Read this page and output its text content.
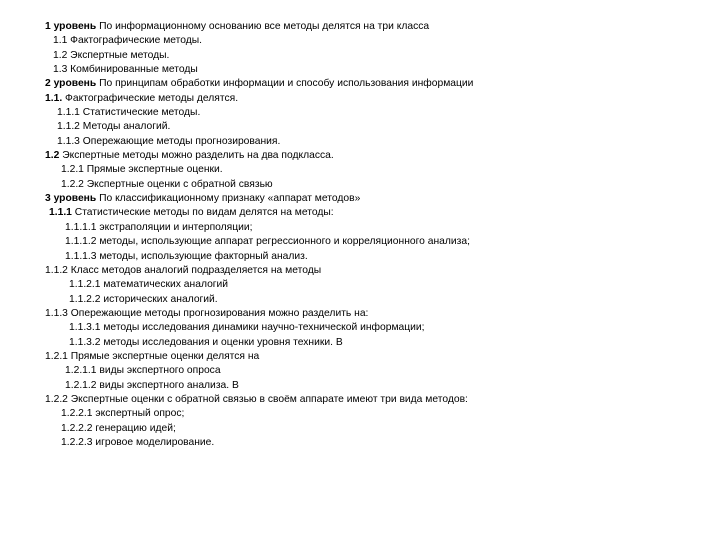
1 уровень По информационному основанию все методы делятся на три класса
1.1 Фактографические методы.
1.2 Экспертные методы.
1.3 Комбинированные методы
2 уровень По принципам обработки информации и способу использования информации
1.1. Фактографические методы делятся.
1.1.1 Статистические методы.
1.1.2 Методы аналогий.
1.1.3 Опережающие методы прогнозирования.
1.2 Экспертные методы можно разделить на два подкласса.
1.2.1 Прямые экспертные оценки.
1.2.2 Экспертные оценки с обратной связью
3 уровень По классификационному признаку «аппарат методов»
1.1.1 Статистические методы по видам делятся на методы:
1.1.1.1 экстраполяции и интерполяции;
1.1.1.2 методы, использующие аппарат регрессионного и корреляционного анализа;
1.1.1.3 методы, использующие факторный анализ.
1.1.2 Класс методов аналогий подразделяется на методы
1.1.2.1 математических аналогий
1.1.2.2 исторических аналогий.
1.1.3 Опережающие методы прогнозирования можно разделить на:
1.1.3.1 методы исследования динамики научно-технической информации;
1.1.3.2 методы исследования и оценки уровня техники. В
1.2.1 Прямые экспертные оценки делятся на
1.2.1.1 виды экспертного опроса
1.2.1.2 виды экспертного анализа. В
1.2.2 Экспертные оценки с обратной связью в своём аппарате имеют три вида методов:
1.2.2.1 экспертный опрос;
1.2.2.2 генерацию идей;
1.2.2.3 игровое моделирование.
